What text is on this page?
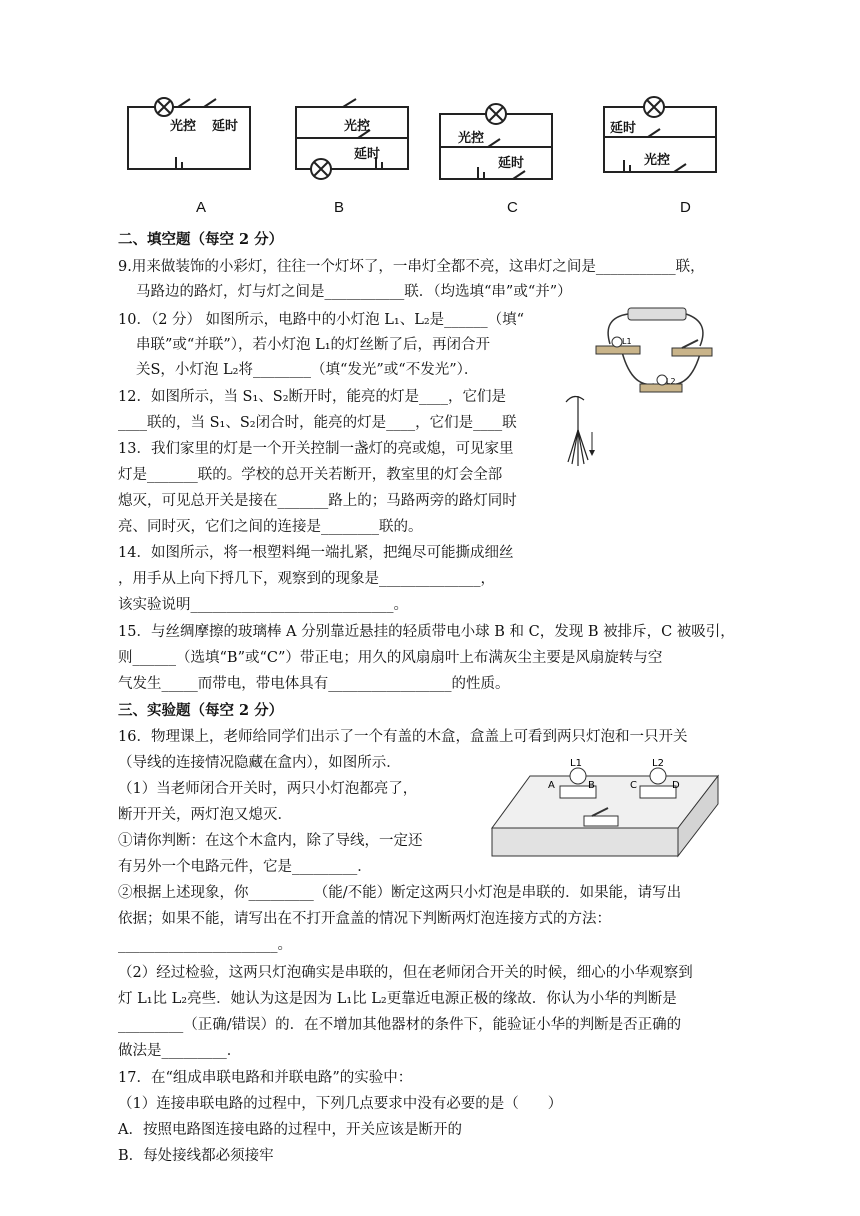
光控 延时	光控
延时
光控
延时
延时
光控
A	B	C	D
L1
L2
A	B	C	D
L1	L2
二、填空题（每空 2 分）
9.用来做装饰的小彩灯，往往一个灯坏了，一串灯全都不亮，这串灯之间是___________联，
马路边的路灯，灯与灯之间是___________联．（均选填“串”或“并”）
10．（2 分） 如图所示，电路中的小灯泡 L₁、L₂是______（填“
串联”或“并联”），若小灯泡 L₁的灯丝断了后，再闭合开
关S，小灯泡 L₂将________（填“发光”或“不发光”）．
12．如图所示，当 S₁、S₂断开时，能亮的灯是____，它们是
____联的，当 S₁、S₂闭合时，能亮的灯是____，它们是____联
13．我们家里的灯是一个开关控制一盏灯的亮或熄，可见家里
灯是_______联的。学校的总开关若断开，教室里的灯会全部
熄灭，可见总开关是接在_______路上的；马路两旁的路灯同时
亮、同时灭，它们之间的连接是________联的。
14．如图所示，将一根塑料绳一端扎紧，把绳尽可能撕成细丝
，用手从上向下捋几下，观察到的现象是______________，
该实验说明____________________________。
15．与丝绸摩擦的玻璃棒 A 分别靠近悬挂的轻质带电小球 B 和 C，发现 B 被排斥，C 被吸引，
则______（选填“B”或“C”）带正电；用久的风扇扇叶上布满灰尘主要是风扇旋转与空
气发生_____而带电，带电体具有_________________的性质。
三、实验题（每空 2 分）
16．物理课上，老师给同学们出示了一个有盖的木盒，盒盖上可看到两只灯泡和一只开关
（导线的连接情况隐藏在盒内），如图所示．
（1）当老师闭合开关时，两只小灯泡都亮了，
断开开关，两灯泡又熄灭．
①请你判断：在这个木盒内，除了导线，一定还
有另外一个电路元件，它是_________．
②根据上述现象，你_________（能/不能）断定这两只小灯泡是串联的．如果能，请写出
依据；如果不能，请写出在不打开盒盖的情况下判断两灯泡连接方式的方法：
______________________。
（2）经过检验，这两只灯泡确实是串联的，但在老师闭合开关的时候，细心的小华观察到
灯 L₁比 L₂亮些．她认为这是因为 L₁比 L₂更靠近电源正极的缘故．你认为小华的判断是
_________（正确/错误）的．在不增加其他器材的条件下，能验证小华的判断是否正确的
做法是_________．
17．在“组成串联电路和并联电路”的实验中：
（1）连接串联电路的过程中，下列几点要求中没有必要的是（　　）
A．按照电路图连接电路的过程中，开关应该是断开的
B．每处接线都必须接牢
